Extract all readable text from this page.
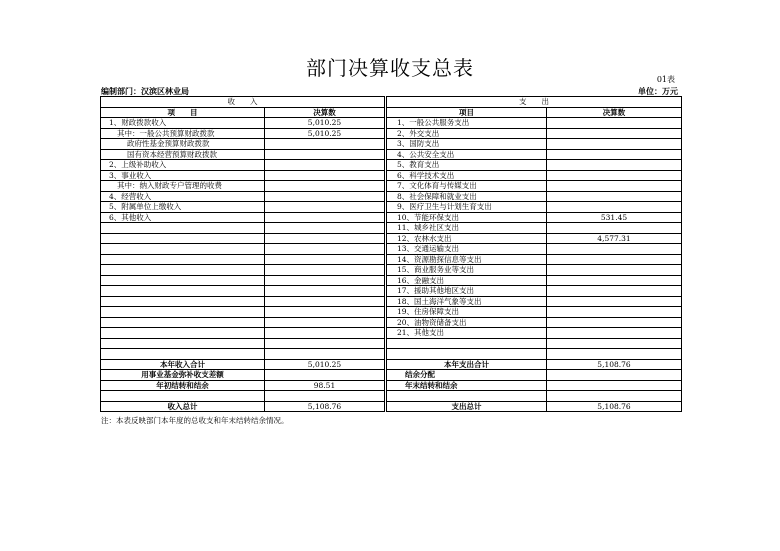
部门决算收支总表	01表
编制部门：汉滨区林业局	单位：万元
收　　入			支　　出	
项　　目	决算数		项目	决算数
1、财政拨款收入	5,010.25		1、一般公共服务支出	
其中：一般公共预算财政拨款	5,010.25		2、外交支出	
政府性基金预算财政拨款			3、国防支出	
国有资本经营预算财政拨款			4、公共安全支出	
2、上级补助收入			5、教育支出	
3、事业收入			6、科学技术支出	
其中：纳入财政专户管理的收费			7、文化体育与传媒支出	
4、经营收入			8、社会保障和就业支出	
5、附属单位上缴收入			9、医疗卫生与计划生育支出	
6、其他收入			10、节能环保支出	531.45
			11、城乡社区支出	
			12、农林水支出	4,577.31
			13、交通运输支出	
			14、资源勘探信息等支出	
			15、商业服务业等支出	
			16、金融支出	
			17、援助其他地区支出	
			18、国土海洋气象等支出	
			19、住房保障支出	
			20、油物资储备支出	
			21、其他支出	

本年收入合计	5,010.25		本年支出合计	5,108.76
用事业基金弥补收支差额			结余分配	
年初结转和结余	98.51		年末结转和结余	

收入总计	5,108.76		支出总计	5,108.76
注：本表反映部门本年度的总收支和年末结转结余情况。
